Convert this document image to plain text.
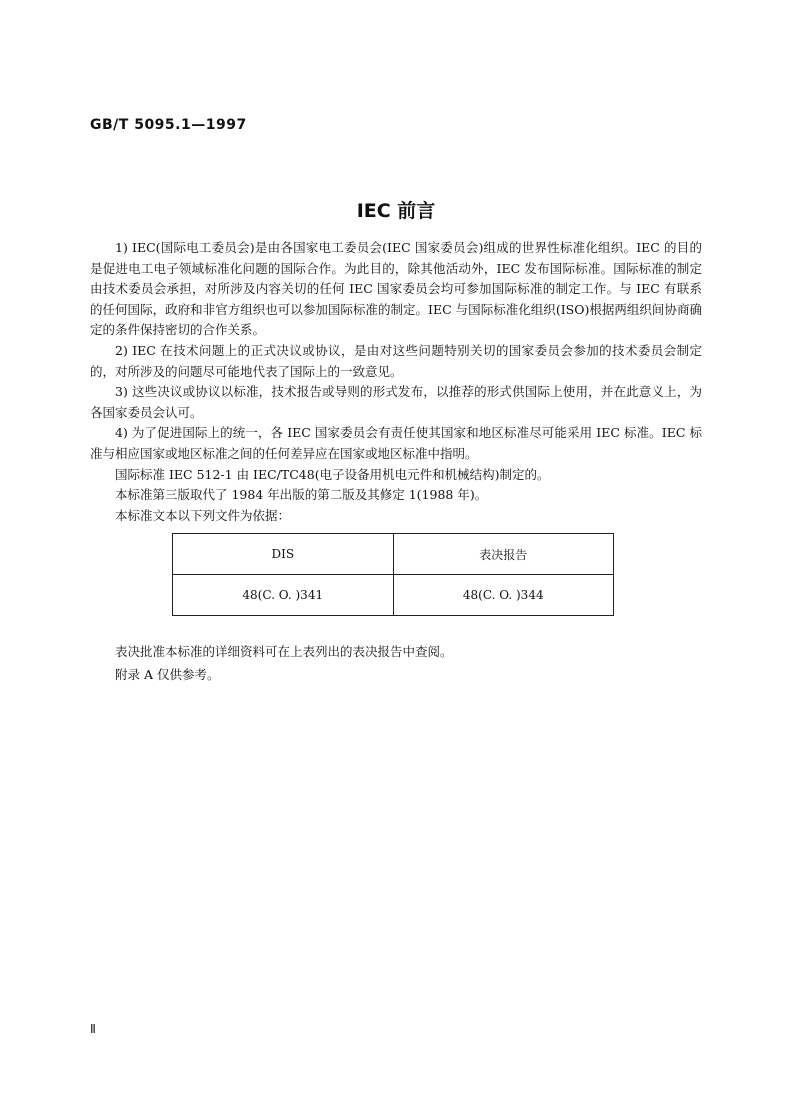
GB/T 5095.1—1997
IEC 前言

1) IEC(国际电工委员会)是由各国家电工委员会(IEC 国家委员会)组成的世界性标准化组织。IEC 的目的是促进电工电子领域标准化问题的国际合作。为此目的，除其他活动外，IEC 发布国际标准。国际标准的制定由技术委员会承担，对所涉及内容关切的任何 IEC 国家委员会均可参加国际标准的制定工作。与 IEC 有联系的任何国际，政府和非官方组织也可以参加国际标准的制定。IEC 与国际标准化组织(ISO)根据两组织间协商确定的条件保持密切的合作关系。

2) IEC 在技术问题上的正式决议或协议，是由对这些问题特别关切的国家委员会参加的技术委员会制定的，对所涉及的问题尽可能地代表了国际上的一致意见。

3) 这些决议或协议以标准，技术报告或导则的形式发布，以推荐的形式供国际上使用，并在此意义上，为各国家委员会认可。

4) 为了促进国际上的统一，各 IEC 国家委员会有责任使其国家和地区标准尽可能采用 IEC 标准。IEC 标准与相应国家或地区标准之间的任何差异应在国家或地区标准中指明。

国际标准 IEC 512-1 由 IEC/TC48(电子设备用机电元件和机械结构)制定的。

本标准第三版取代了 1984 年出版的第二版及其修定 1(1988 年)。

本标准文本以下列文件为依据：

DIS	表决报告
48(C. O. )341	48(C. O. )344

表决批准本标准的详细资料可在上表列出的表决报告中查阅。

附录 A 仅供参考。

Ⅱ
